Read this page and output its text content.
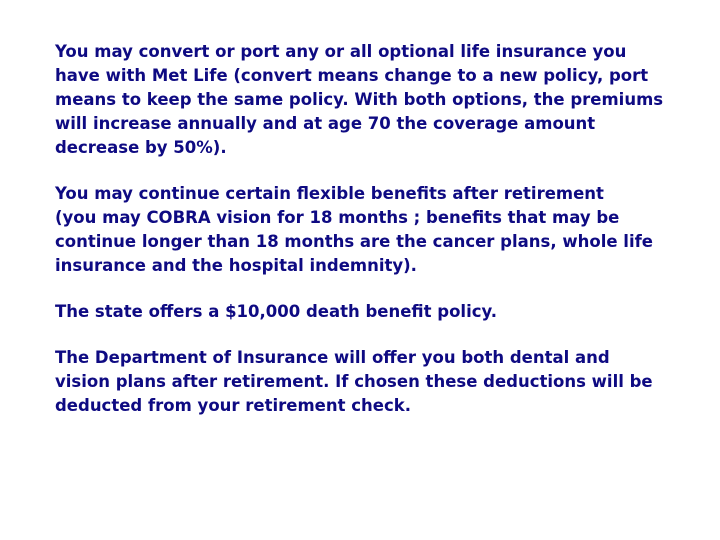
You may convert or port any or all optional life insurance you
have with Met Life (convert means change to a new policy, port
means to keep the same policy. With both options, the premiums
will increase annually and at age 70 the coverage amount
decrease by 50%).

You may continue certain flexible benefits after retirement
(you may COBRA vision for 18 months ; benefits that may be
continue longer than 18 months are the cancer plans, whole life
insurance and the hospital indemnity).

The state offers a $10,000 death benefit policy.

The Department of Insurance will offer you both dental and
vision plans after retirement. If chosen these deductions will be
deducted from your retirement check.
